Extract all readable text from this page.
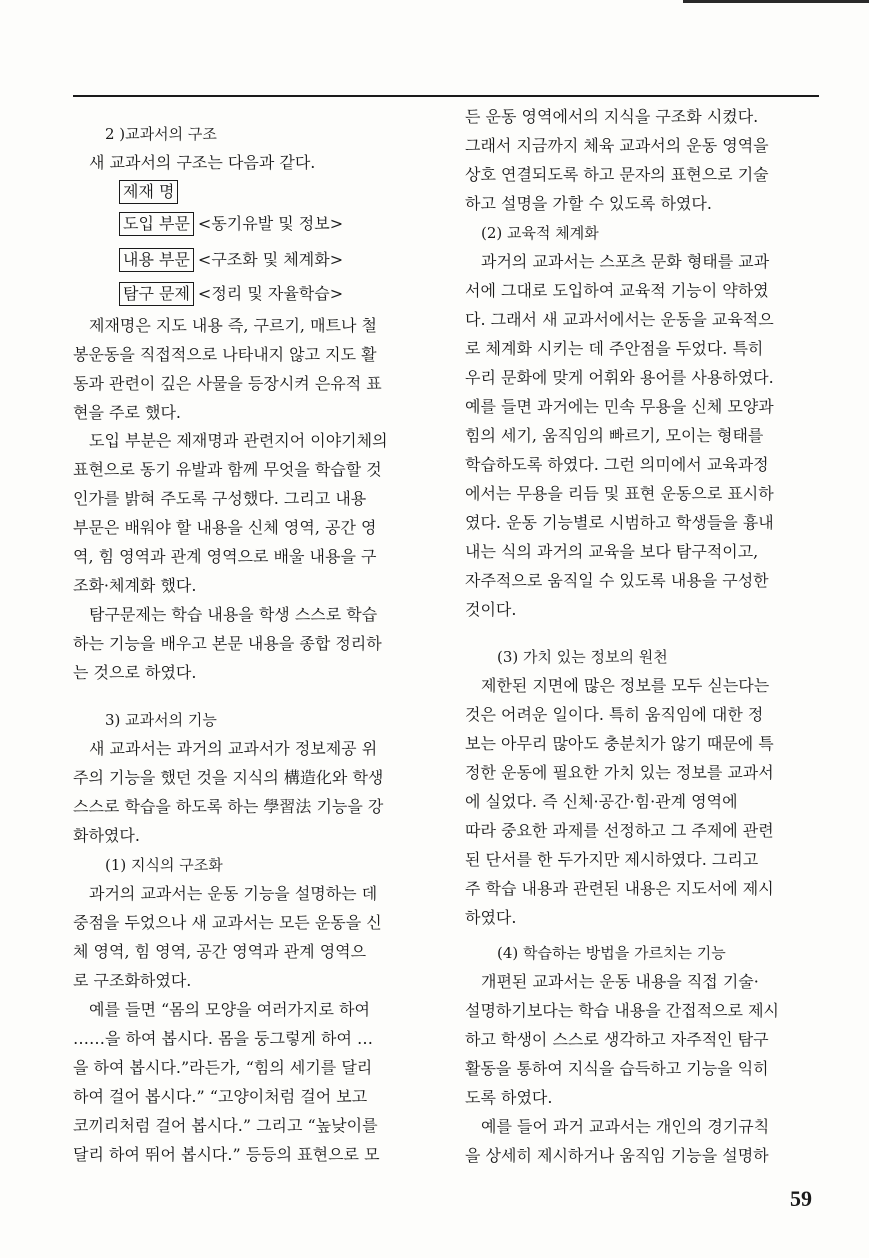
2 )교과서의 구조
새 교과서의 구조는 다음과 같다.
제재 명
도입 부문 <동기유발 및 정보>
내용 부문 <구조화 및 체계화>
탐구 문제 <정리 및 자율학습>
제재명은 지도 내용 즉, 구르기, 매트나 철
봉운동을 직접적으로 나타내지 않고 지도 활
동과 관련이 깊은 사물을 등장시켜 은유적 표
현을 주로 했다.
도입 부분은 제재명과 관련지어 이야기체의
표현으로 동기 유발과 함께 무엇을 학습할 것
인가를 밝혀 주도록 구성했다. 그리고 내용
부문은 배워야 할 내용을 신체 영역, 공간 영
역, 힘 영역과 관계 영역으로 배울 내용을 구
조화·체계화 했다.
탐구문제는 학습 내용을 학생 스스로 학습
하는 기능을 배우고 본문 내용을 종합 정리하
는 것으로 하였다.
3) 교과서의 기능
새 교과서는 과거의 교과서가 정보제공 위
주의 기능을 했던 것을 지식의 構造化와 학생
스스로 학습을 하도록 하는 學習法 기능을 강
화하였다.
(1) 지식의 구조화
과거의 교과서는 운동 기능을 설명하는 데
중점을 두었으나 새 교과서는 모든 운동을 신
체 영역, 힘 영역, 공간 영역과 관계 영역으
로 구조화하였다.
예를 들면 “몸의 모양을 여러가지로 하여
……을 하여 봅시다. 몸을 둥그렇게 하여 …
을 하여 봅시다.”라든가, “힘의 세기를 달리
하여 걸어 봅시다.” “고양이처럼 걸어 보고
코끼리처럼 걸어 봅시다.” 그리고 “높낮이를
달리 하여 뛰어 봅시다.” 등등의 표현으로 모
든 운동 영역에서의 지식을 구조화 시켰다.
그래서 지금까지 체육 교과서의 운동 영역을
상호 연결되도록 하고 문자의 표현으로 기술
하고 설명을 가할 수 있도록 하였다.
(2) 교육적 체계화
과거의 교과서는 스포츠 문화 형태를 교과
서에 그대로 도입하여 교육적 기능이 약하였
다. 그래서 새 교과서에서는 운동을 교육적으
로 체계화 시키는 데 주안점을 두었다. 특히
우리 문화에 맞게 어휘와 용어를 사용하였다.
예를 들면 과거에는 민속 무용을 신체 모양과
힘의 세기, 움직임의 빠르기, 모이는 형태를
학습하도록 하였다. 그런 의미에서 교육과정
에서는 무용을 리듬 및 표현 운동으로 표시하
였다. 운동 기능별로 시범하고 학생들을 흉내
내는 식의 과거의 교육을 보다 탐구적이고,
자주적으로 움직일 수 있도록 내용을 구성한
것이다.
(3) 가치 있는 정보의 원천
제한된 지면에 많은 정보를 모두 싣는다는
것은 어려운 일이다. 특히 움직임에 대한 정
보는 아무리 많아도 충분치가 않기 때문에 특
정한 운동에 필요한 가치 있는 정보를 교과서
에 실었다. 즉 신체·공간·힘·관계 영역에
따라 중요한 과제를 선정하고 그 주제에 관련
된 단서를 한 두가지만 제시하였다. 그리고
주 학습 내용과 관련된 내용은 지도서에 제시
하였다.
(4) 학습하는 방법을 가르치는 기능
개편된 교과서는 운동 내용을 직접 기술·
설명하기보다는 학습 내용을 간접적으로 제시
하고 학생이 스스로 생각하고 자주적인 탐구
활동을 통하여 지식을 습득하고 기능을 익히
도록 하였다.
예를 들어 과거 교과서는 개인의 경기규칙
을 상세히 제시하거나 움직임 기능을 설명하
59
